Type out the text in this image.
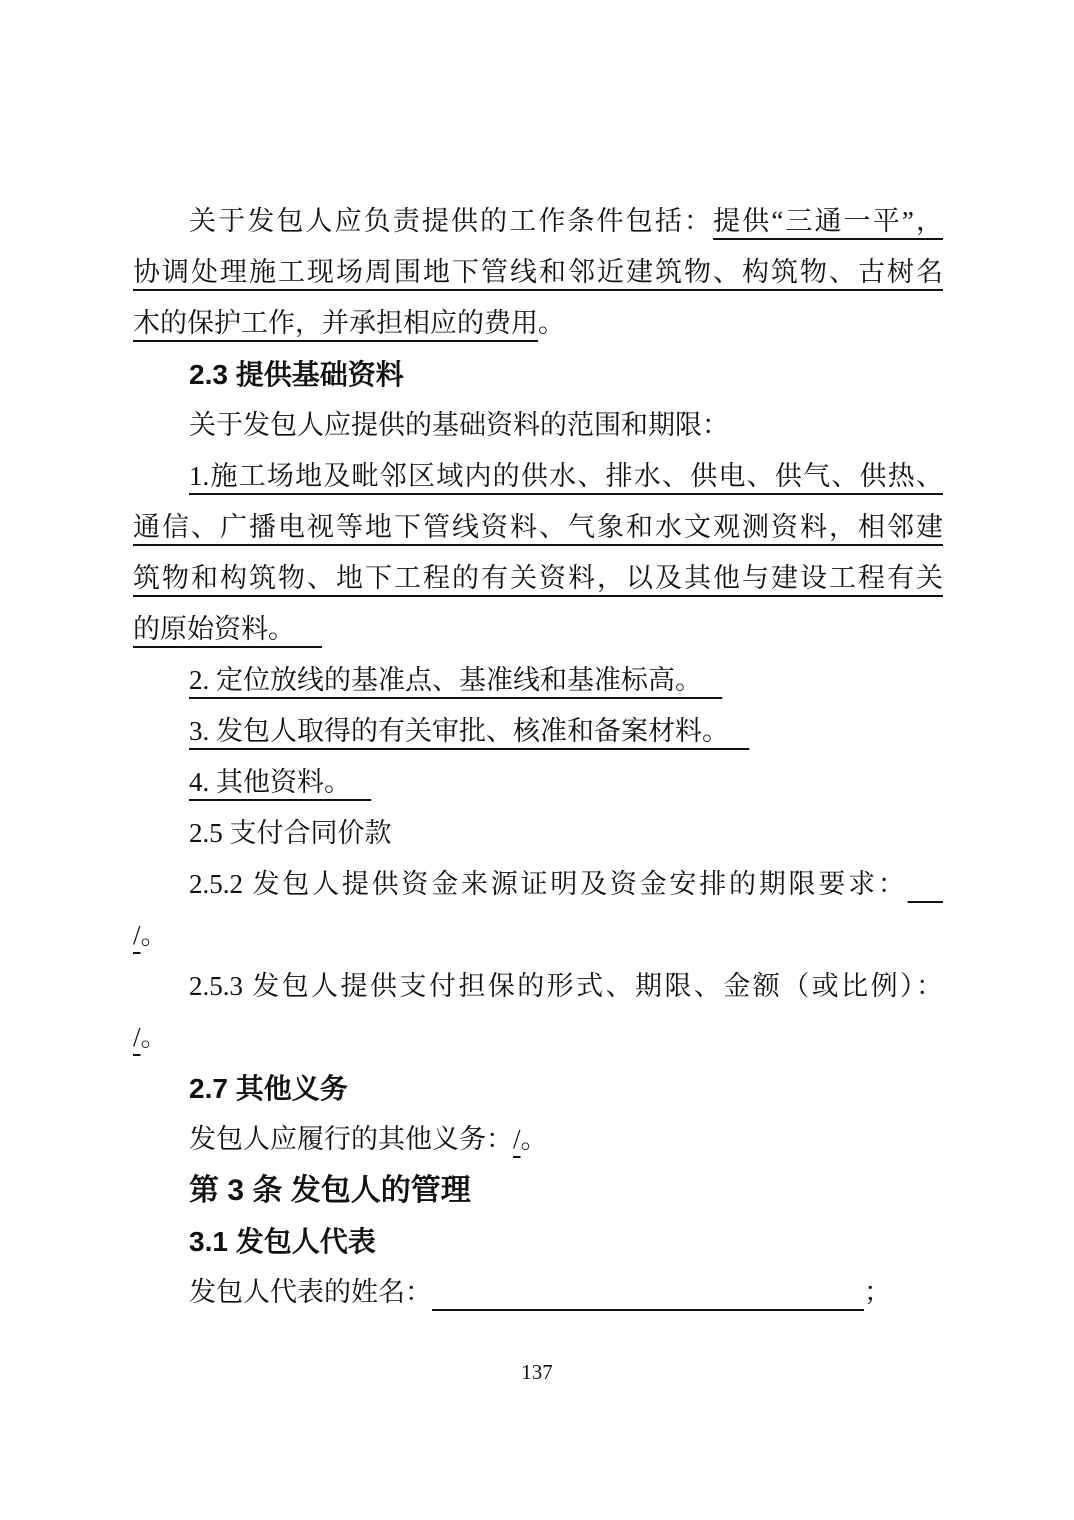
关于发包人应负责提供的工作条件包括：提供“三通一平”，
协调处理施工现场周围地下管线和邻近建筑物、构筑物、古树名
木的保护工作，并承担相应的费用。
2.3 提供基础资料
关于发包人应提供的基础资料的范围和期限：
1.施工场地及毗邻区域内的供水、排水、供电、供气、供热、
通信、广播电视等地下管线资料、气象和水文观测资料，相邻建
筑物和构筑物、地下工程的有关资料，以及其他与建设工程有关
的原始资料。
2. 定位放线的基准点、基准线和基准标高。
3. 发包人取得的有关审批、核准和备案材料。
4. 其他资料。
2.5 支付合同价款
2.5.2 发包人提供资金来源证明及资金安排的期限要求：
/。
2.5.3 发包人提供支付担保的形式、期限、金额（或比例）：
/。
2.7 其他义务
发包人应履行的其他义务：/。
第 3 条 发包人的管理
3.1 发包人代表
发包人代表的姓名：	；
137
